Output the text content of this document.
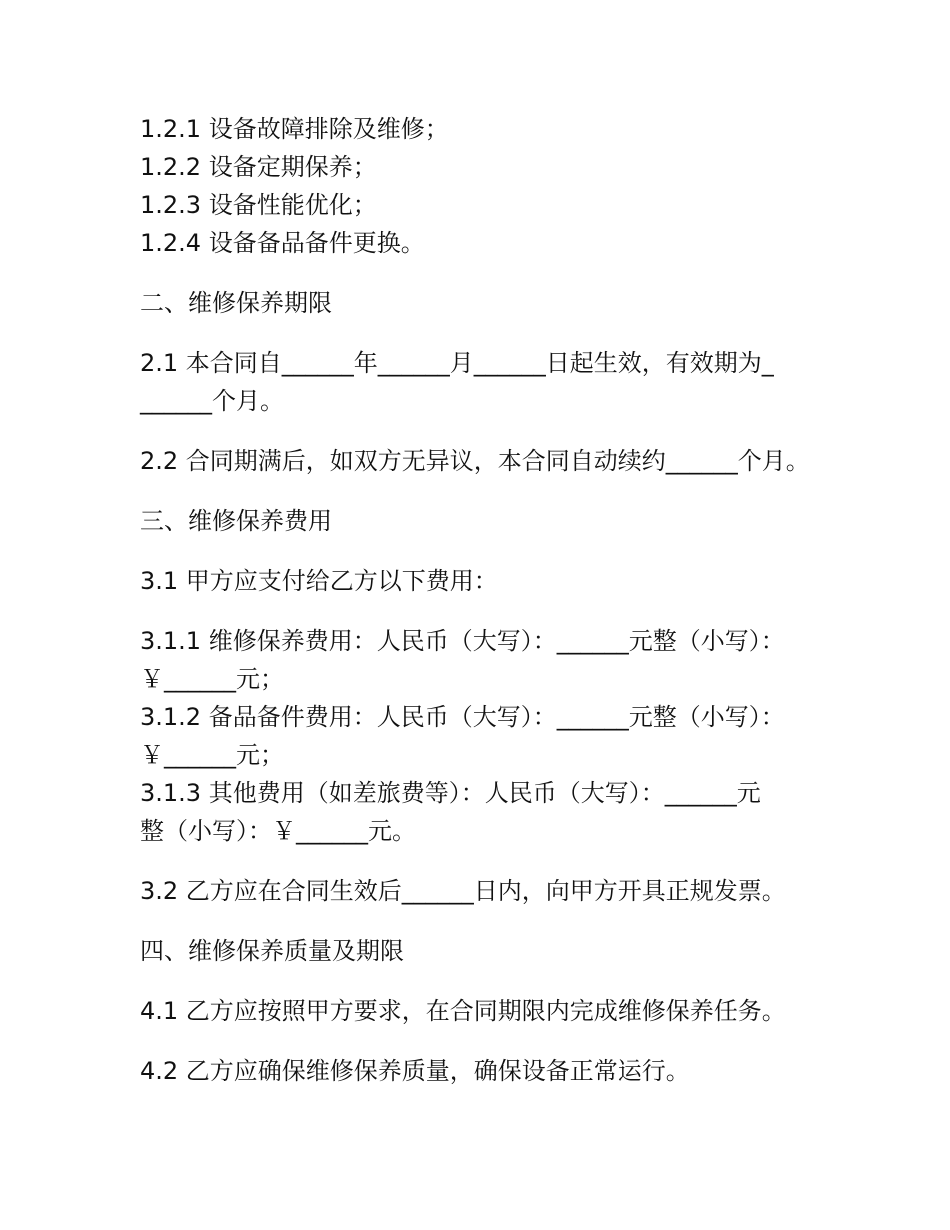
1.2.1 设备故障排除及维修；
1.2.2 设备定期保养；
1.2.3 设备性能优化；
1.2.4 设备备品备件更换。
二、维修保养期限
2.1 本合同自______年______月______日起生效，有效期为_
______个月。
2.2 合同期满后，如双方无异议，本合同自动续约______个月。
三、维修保养费用
3.1 甲方应支付给乙方以下费用：
3.1.1 维修保养费用：人民币（大写）：______元整（小写）：
￥______元；
3.1.2 备品备件费用：人民币（大写）：______元整（小写）：
￥______元；
3.1.3 其他费用（如差旅费等）：人民币（大写）：______元
整（小写）：￥______元。
3.2 乙方应在合同生效后______日内，向甲方开具正规发票。
四、维修保养质量及期限
4.1 乙方应按照甲方要求，在合同期限内完成维修保养任务。
4.2 乙方应确保维修保养质量，确保设备正常运行。
